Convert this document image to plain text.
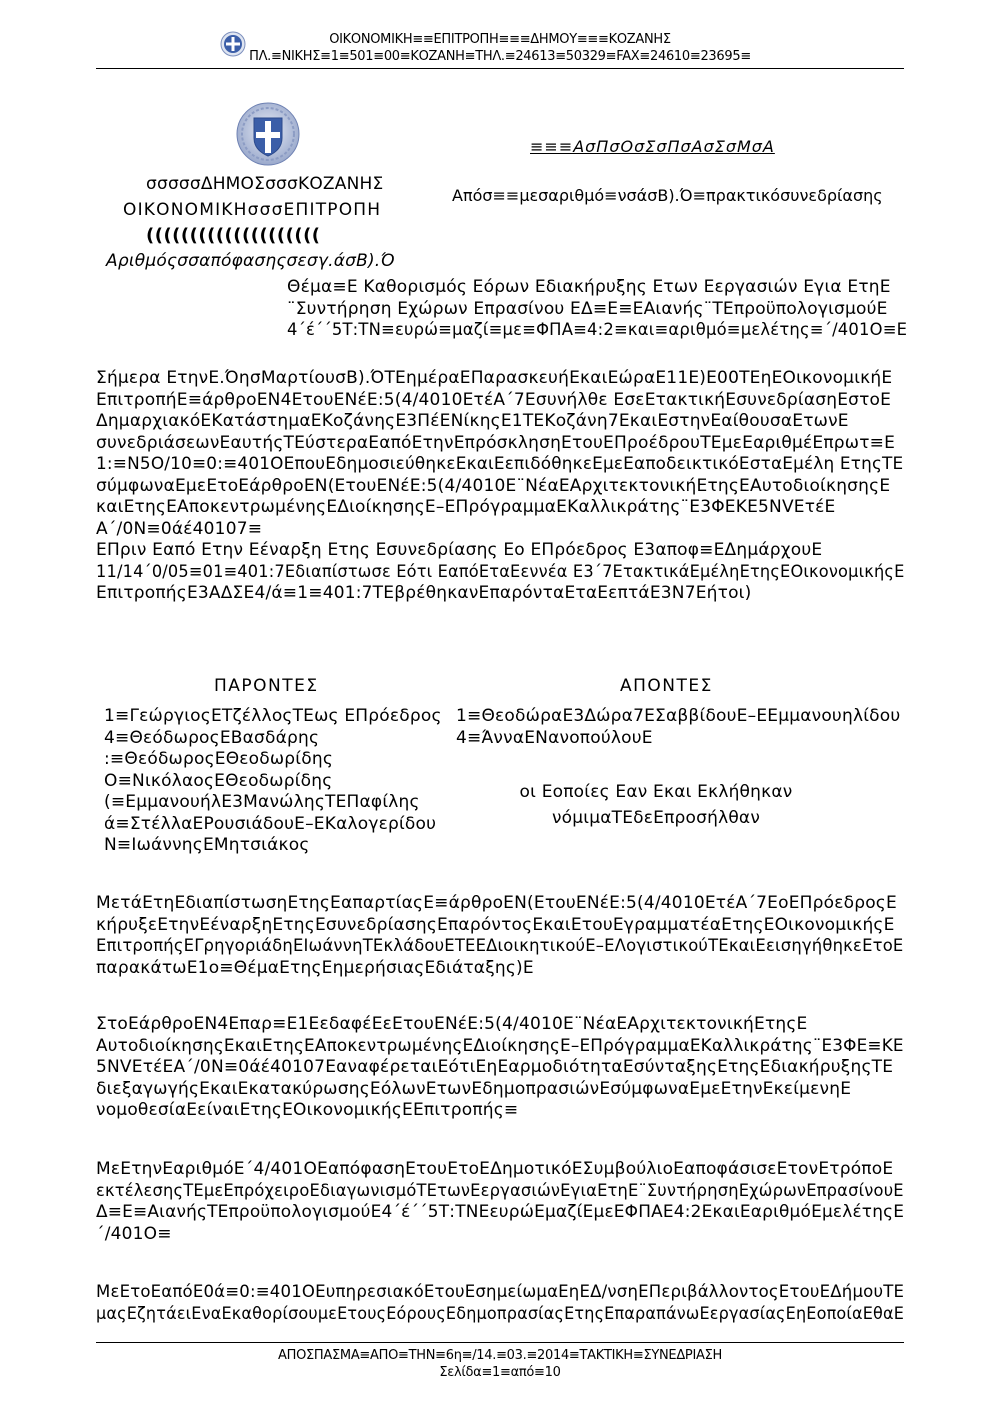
ΟΙΚΟΝΟΜΙΚΗ≡≡ΕΠΙΤΡΟΠΗ≡≡≡ΔΗΜΟΥ≡≡≡ΚΟΖΑΝΗΣ
ΠΛ.≡ΝΙΚΗΣ≡1≡501≡00≡ΚΟΖΑΝΗ≡ΤΗΛ.≡24613≡50329≡FAX≡24610≡23695≡
σσσσσΔΗΜΟΣσσσΚΟΖΑΝΗΣ
ΟΙΚΟΝΟΜΙΚΗσσσΕΠΙΤΡΟΠΗ
((((((((((((((((((((
Αριθμόςσσαπόφασηςσεσγ.άσΒ).Ό
≡≡≡ΑσΠσΟσΣσΠσΑσΣσΜσΑ
Απόσ≡≡μεσαριθμό≡νσάσΒ).Ό≡πρακτικόσυνεδρίασης
Θέμα≡Ε Καθορισμός Εόρων Εδιακήρυξης Ετων Εεργασιών Εγια ΕτηΕ
¨Συντήρηση Εχώρων Επρασίνου ΕΔ≡Ε≡ΕΑιανής¨ΤΕπροϋπολογισμούΕ
4΄έ΄΄5Τ:ΤΝ≡ευρώ≡μαζί≡με≡ΦΠΑ≡4:2≡και≡αριθμό≡μελέτης≡΄/401Ο≡Ε
Σήμερα ΕτηνΕ.ΌησΜαρτίουσΒ).ΌΤΕημέραΕΠαρασκευήΕκαιΕώραΕ11Ε)Ε00ΤΕηΕΟικονομικήΕ
ΕπιτροπήΕ≡άρθροΕΝ4ΕτουΕΝέΕ:5(4/4010ΕτέΑ΄7Εσυνήλθε ΕσεΕτακτικήΕσυνεδρίασηΕστοΕ
ΔημαρχιακόΕΚατάστημαΕΚοζάνηςΕ3ΠέΕΝίκηςΕ1ΤΕΚοζάνη7ΕκαιΕστηνΕαίθουσαΕτωνΕ
συνεδριάσεωνΕαυτήςΤΕύστεραΕαπόΕτηνΕπρόσκλησηΕτουΕΠροέδρουΤΕμεΕαριθμέΕπρωτ≡Ε
1:≡Ν5Ο/10≡0:≡401ΟΕπουΕδημοσιεύθηκεΕκαιΕεπιδόθηκεΕμεΕαποδεικτικόΕσταΕμέλη ΕτηςΤΕ
σύμφωναΕμεΕτοΕάρθροΕΝ(ΕτουΕΝέΕ:5(4/4010Ε¨ΝέαΕΑρχιτεκτονικήΕτηςΕΑυτοδιοίκησηςΕ
καιΕτηςΕΑποκεντρωμένηςΕΔιοίκησηςΕ–ΕΠρόγραμμαΕΚαλλικράτης¨Ε3ΦΕΚΕ5ΝVΕτέΕ
Α΄/0Ν≡0άέ40107≡
ΕΠριν Εαπό Ετην Εέναρξη Ετης Εσυνεδρίασης Εο ΕΠρόεδρος Ε3αποφ≡ΕΔημάρχουΕ
11/14΄0/05≡01≡401:7Εδιαπίστωσε Εότι ΕαπόΕταΕεννέα Ε3΄7ΕτακτικάΕμέληΕτηςΕΟικονομικήςΕ
ΕπιτροπήςΕ3ΑΔΣΕ4/ά≡1≡401:7ΤΕβρέθηκανΕπαρόνταΕταΕεπτάΕ3Ν7Εήτοι)
ΠΑΡΟΝΤΕΣ	ΑΠΟΝΤΕΣ
1≡ΓεώργιοςΕΤζέλλοςΤΕως ΕΠρόεδρος
4≡ΘεόδωροςΕΒασδάρης
:≡ΘεόδωροςΕΘεοδωρίδης
Ο≡ΝικόλαοςΕΘεοδωρίδης
(≡ΕμμανουήλΕ3ΜανώληςΤΕΠαφίλης
ά≡ΣτέλλαΕΡουσιάδουΕ–ΕΚαλογερίδου
Ν≡ΙωάννηςΕΜητσιάκος
1≡ΘεοδώραΕ3Δώρα7ΕΣαββίδουΕ–ΕΕμμανουηλίδου
4≡ΆνναΕΝανοπούλουΕ
οι Εοποίες Εαν Εκαι Εκλήθηκαν
νόμιμαΤΕδεΕπροσήλθαν
ΜετάΕτηΕδιαπίστωσηΕτηςΕαπαρτίαςΕ≡άρθροΕΝ(ΕτουΕΝέΕ:5(4/4010ΕτέΑ΄7ΕοΕΠρόεδροςΕ
κήρυξεΕτηνΕέναρξηΕτηςΕσυνεδρίασηςΕπαρόντοςΕκαιΕτουΕγραμματέαΕτηςΕΟικονομικήςΕ
ΕπιτροπήςΕΓρηγοριάδηΕΙωάννηΤΕκλάδουΕΤΕΕΔιοικητικούΕ–ΕΛογιστικούΤΕκαιΕεισηγήθηκεΕτοΕ
παρακάτωΕ1ο≡ΘέμαΕτηςΕημερήσιαςΕδιάταξης)Ε
ΣτοΕάρθροΕΝ4Επαρ≡Ε1ΕεδαφέΕεΕτουΕΝέΕ:5(4/4010Ε¨ΝέαΕΑρχιτεκτονικήΕτηςΕ
ΑυτοδιοίκησηςΕκαιΕτηςΕΑποκεντρωμένηςΕΔιοίκησηςΕ–ΕΠρόγραμμαΕΚαλλικράτης¨Ε3ΦΕ≡ΚΕ
5ΝVΕτέΕΑ΄/0Ν≡0άέ40107ΕαναφέρεταιΕότιΕηΕαρμοδιότηταΕσύνταξηςΕτηςΕδιακήρυξηςΤΕ
διεξαγωγήςΕκαιΕκατακύρωσηςΕόλωνΕτωνΕδημοπρασιώνΕσύμφωναΕμεΕτηνΕκείμενηΕ
νομοθεσίαΕείναιΕτηςΕΟικονομικήςΕΕπιτροπής≡
ΜεΕτηνΕαριθμόΕ΄4/401ΟΕαπόφασηΕτουΕτοΕΔημοτικόΕΣυμβούλιοΕαποφάσισεΕτονΕτρόποΕ
εκτέλεσηςΤΕμεΕπρόχειροΕδιαγωνισμόΤΕτωνΕεργασιώνΕγιαΕτηΕ¨ΣυντήρησηΕχώρωνΕπρασίνουΕ
Δ≡Ε≡ΑιανήςΤΕπροϋπολογισμούΕ4΄έ΄΄5Τ:ΤΝΕευρώΕμαζίΕμεΕΦΠΑΕ4:2ΕκαιΕαριθμόΕμελέτηςΕ
΄/401Ο≡
ΜεΕτοΕαπόΕ0ά≡0:≡401ΟΕυπηρεσιακόΕτουΕσημείωμαΕηΕΔ/νσηΕΠεριβάλλοντοςΕτουΕΔήμουΤΕ
μαςΕζητάειΕναΕκαθορίσουμεΕτουςΕόρουςΕδημοπρασίαςΕτηςΕπαραπάνωΕεργασίαςΕηΕοποίαΕθαΕ
ΑΠΟΣΠΑΣΜΑ≡ΑΠΟ≡ΤΗΝ≡6η≡/14.≡03.≡2014≡ΤΑΚΤΙΚΗ≡ΣΥΝΕΔΡΙΑΣΗ
Σελίδα≡1≡από≡10
